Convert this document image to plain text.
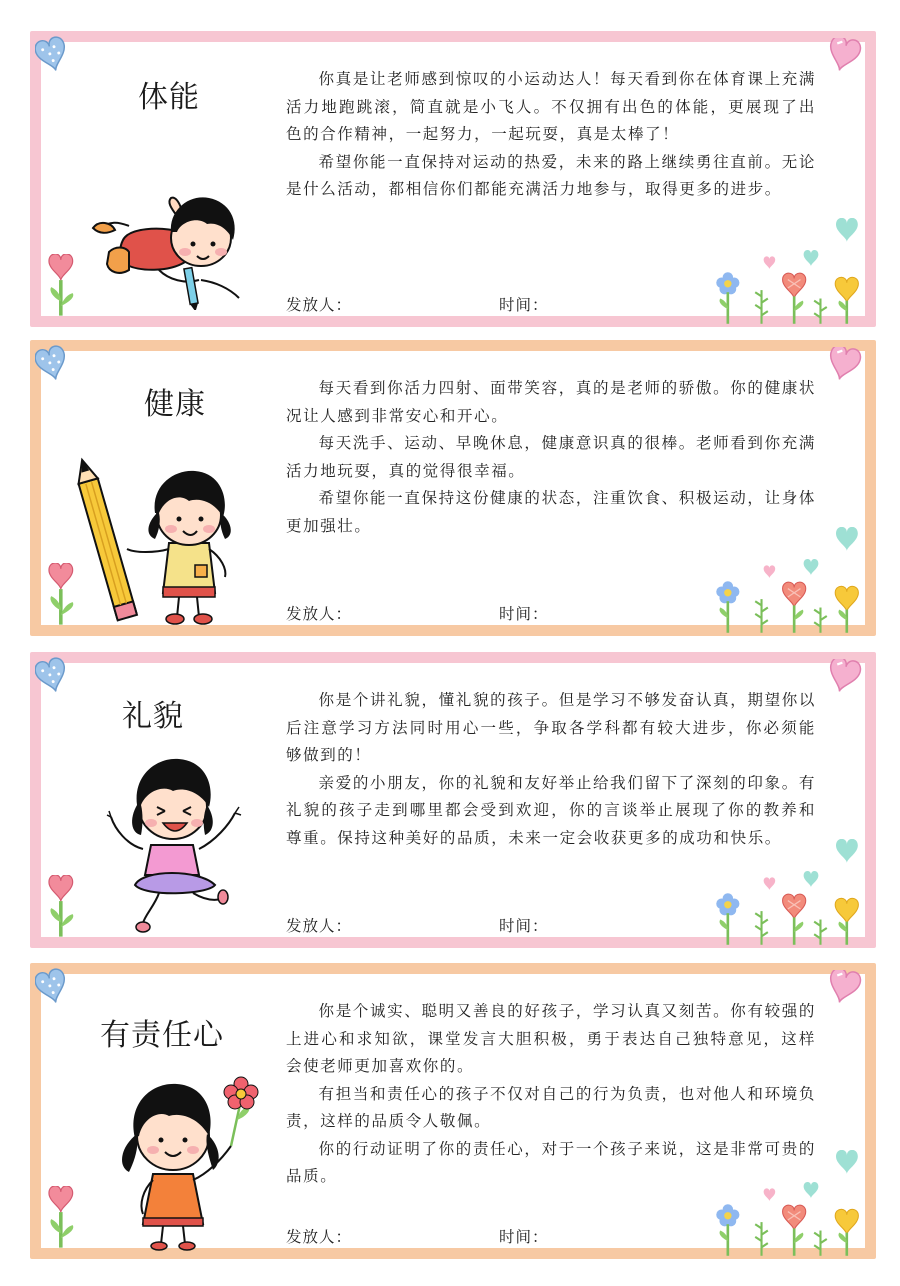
体能

你真是让老师感到惊叹的小运动达人！每天看到你在体育课上充满活力地跑跳滚，简直就是小飞人。不仅拥有出色的体能，更展现了出色的合作精神，一起努力，一起玩耍，真是太棒了！

希望你能一直保持对运动的热爱，未来的路上继续勇往直前。无论是什么活动，都相信你们都能充满活力地参与，取得更多的进步。

发放人：	时间：
健康	每天看到你活力四射、面带笑容，真的是老师的骄傲。你的健康状况让人感到非常安心和开心。

每天洗手、运动、早晚休息，健康意识真的很棒。老师看到你充满活力地玩耍，真的觉得很幸福。

希望你能一直保持这份健康的状态，注重饮食、积极运动，让身体更加强壮。

发放人：	时间：
礼貌	你是个讲礼貌，懂礼貌的孩子。但是学习不够发奋认真，期望你以后注意学习方法同时用心一些，争取各学科都有较大进步，你必须能够做到的！

亲爱的小朋友，你的礼貌和友好举止给我们留下了深刻的印象。有礼貌的孩子走到哪里都会受到欢迎，你的言谈举止展现了你的教养和尊重。保持这种美好的品质，未来一定会收获更多的成功和快乐。

发放人：	时间：
有责任心

你是个诚实、聪明又善良的好孩子，学习认真又刻苦。你有较强的上进心和求知欲，课堂发言大胆积极，勇于表达自己独特意见，这样会使老师更加喜欢你的。

有担当和责任心的孩子不仅对自己的行为负责，也对他人和环境负责，这样的品质令人敬佩。

你的行动证明了你的责任心，对于一个孩子来说，这是非常可贵的品质。

发放人：	时间：
